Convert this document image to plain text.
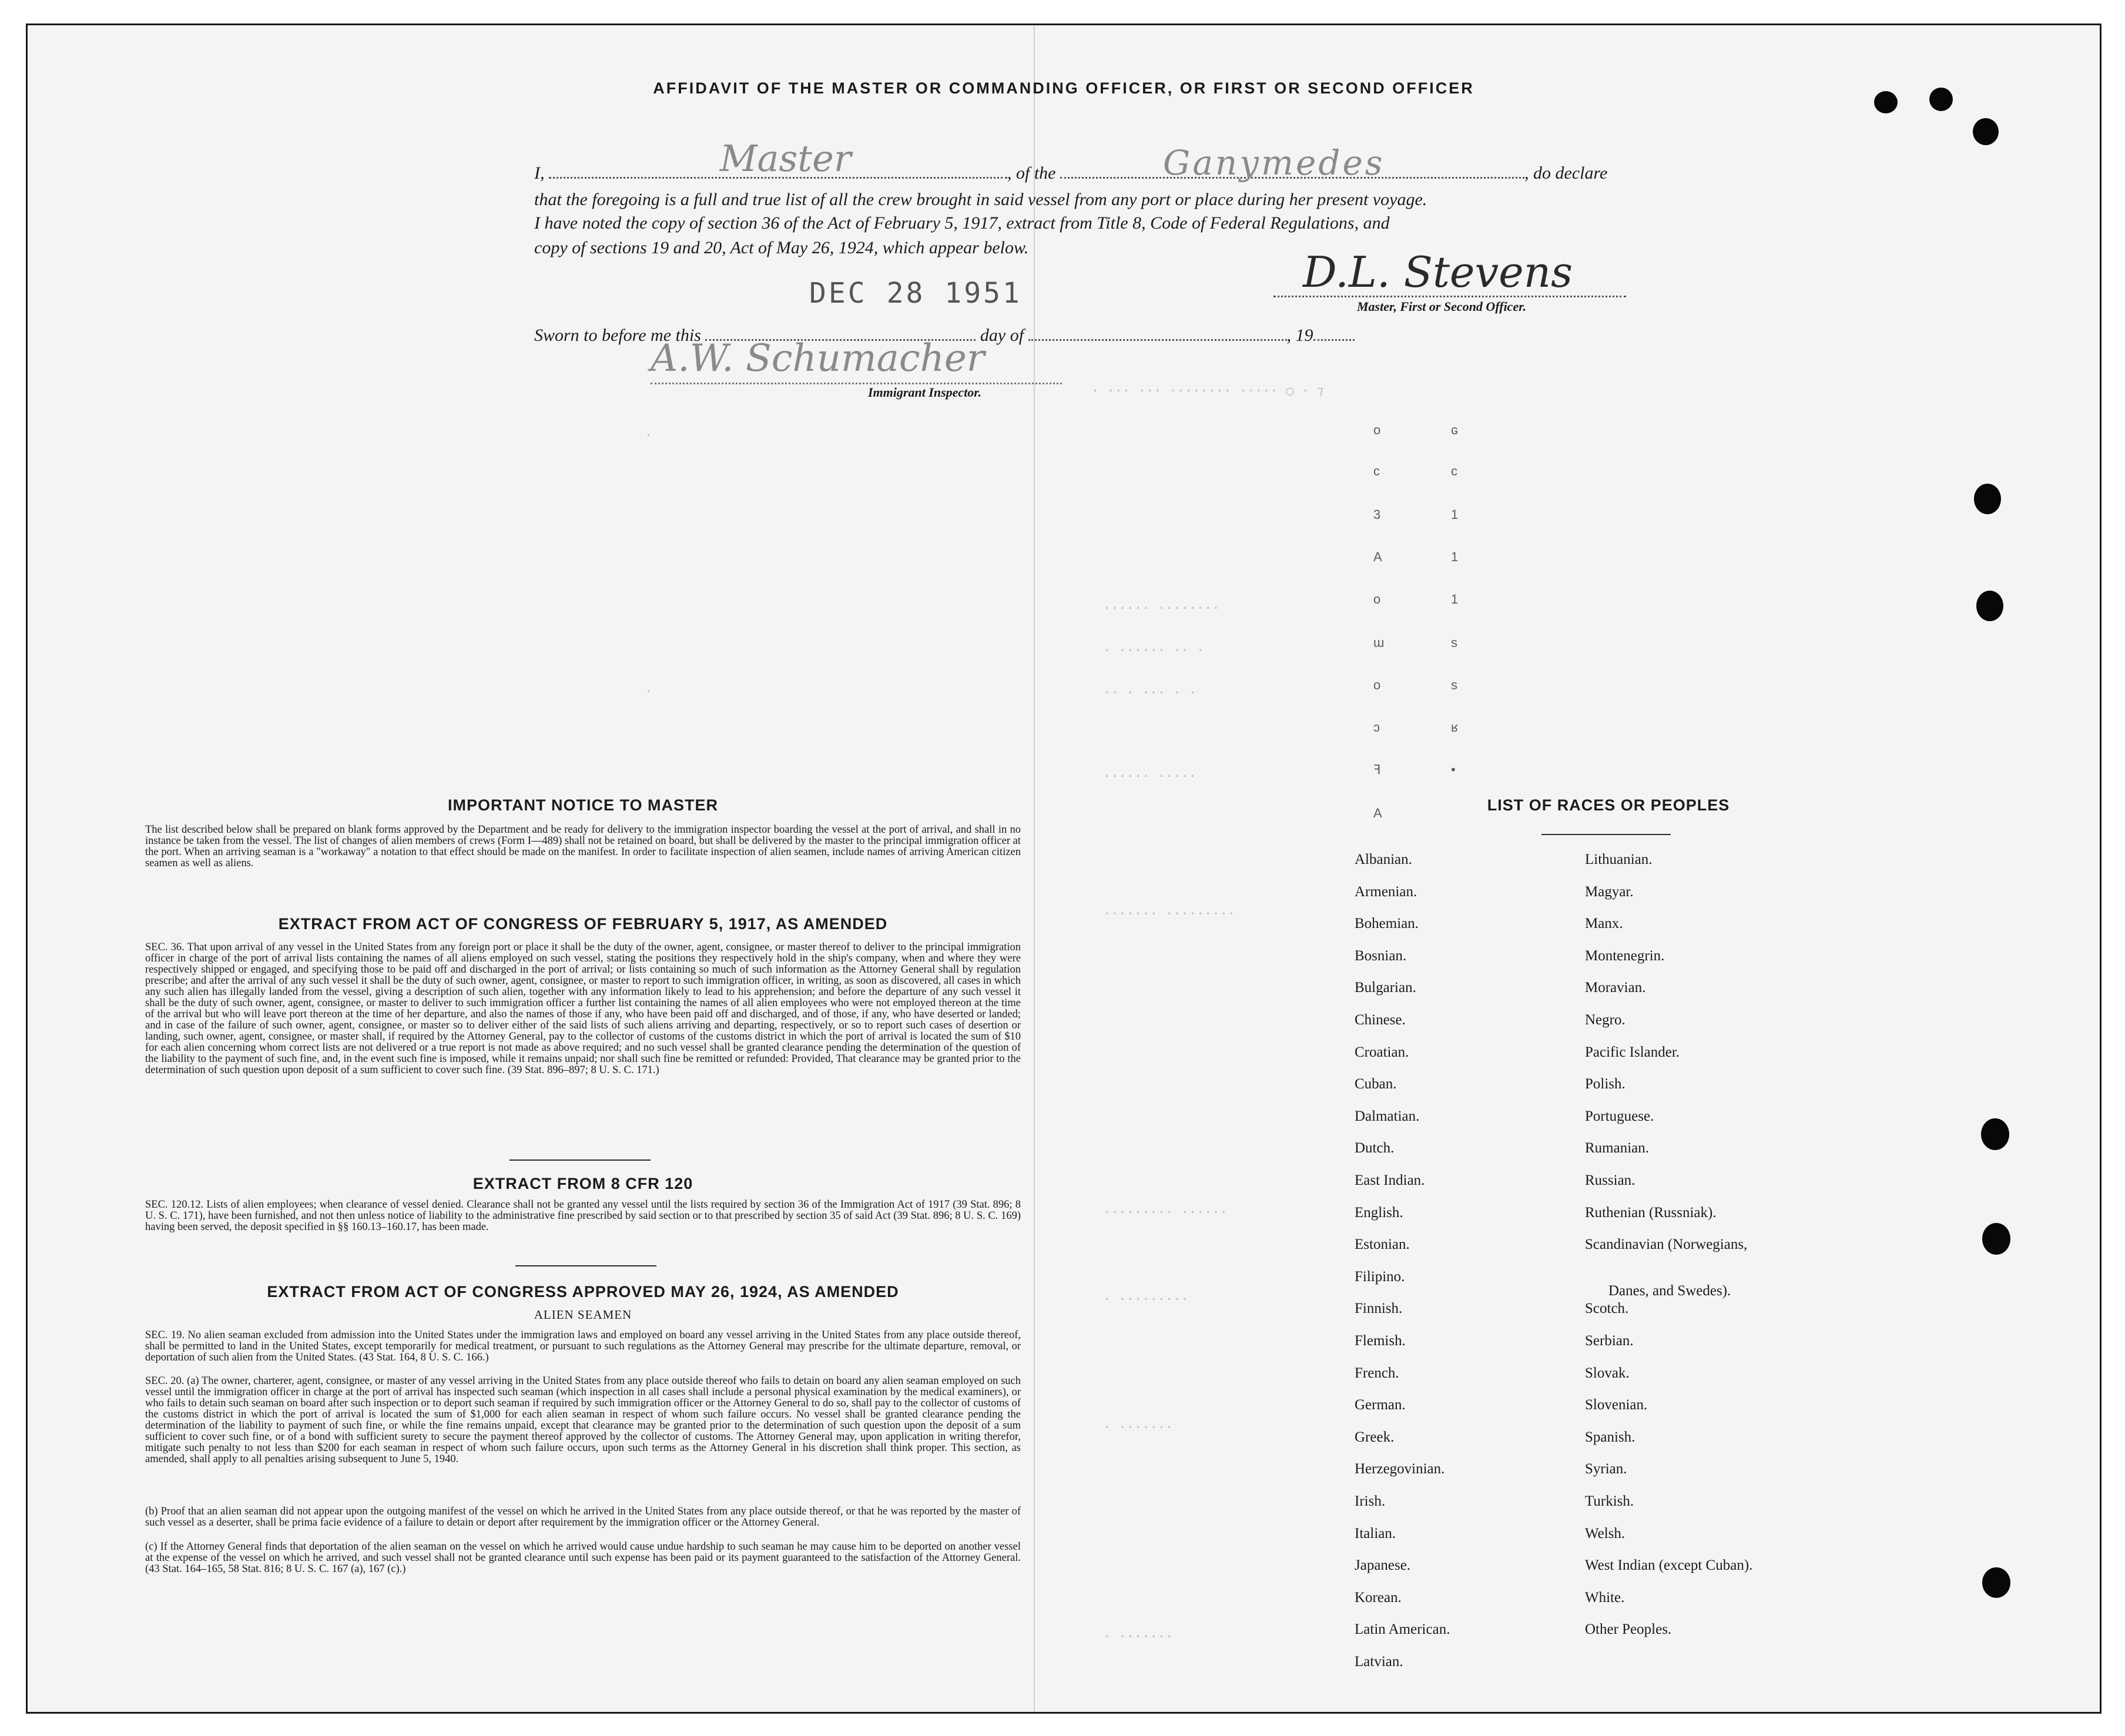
AFFIDAVIT OF THE MASTER OR COMMANDING OFFICER, OR FIRST OR SECOND OFFICER
I,	, of the	, do declare
Master	Ganymedes
that the foregoing is a full and true list of all the crew brought in said vessel from any port or place during her present voyage.
I have noted the copy of section 36 of the Act of February 5, 1917, extract from Title 8, Code of Federal Regulations, and
copy of sections 19 and 20, Act of May 26, 1924, which appear below.	D.L. Stevens
Master, First or Second Officer.
Sworn to before me this	day of	, 19
DEC 28 1951
A.W. Schumacher
Immigrant Inspector.	· ··· ··· ········ ····· ○ · ⁊
o	ɢ
c	c
3	1
A	1
o	1
ɯ	s
o	s
ɔ	ʁ
ꟻ	•
A
·
·
······ ········
· ······ ·· ·
·· · ··· · ·
······ ·····
······· ·········
········· ······
· ·········
· ·······
· ·······
IMPORTANT NOTICE TO MASTER
The list described below shall be prepared on blank forms approved by the Department and be ready for delivery to the immigration inspector boarding the vessel at the port of arrival, and shall in no instance be taken from the vessel. The list of changes of alien members of crews (Form I—489) shall not be retained on board, but shall be delivered by the master to the principal immigration officer at the port. When an arriving seaman is a "workaway" a notation to that effect should be made on the manifest. In order to facilitate inspection of alien seamen, include names of arriving American citizen seamen as well as aliens.
EXTRACT FROM ACT OF CONGRESS OF FEBRUARY 5, 1917, AS AMENDED
SEC. 36. That upon arrival of any vessel in the United States from any foreign port or place it shall be the duty of the owner, agent, consignee, or master thereof to deliver to the principal immigration officer in charge of the port of arrival lists containing the names of all aliens employed on such vessel, stating the positions they respectively hold in the ship's company, when and where they were respectively shipped or engaged, and specifying those to be paid off and discharged in the port of arrival; or lists containing so much of such information as the Attorney General shall by regulation prescribe; and after the arrival of any such vessel it shall be the duty of such owner, agent, consignee, or master to report to such immigration officer, in writing, as soon as discovered, all cases in which any such alien has illegally landed from the vessel, giving a description of such alien, together with any information likely to lead to his apprehension; and before the departure of any such vessel it shall be the duty of such owner, agent, consignee, or master to deliver to such immigration officer a further list containing the names of all alien employees who were not employed thereon at the time of the arrival but who will leave port thereon at the time of her departure, and also the names of those if any, who have been paid off and discharged, and of those, if any, who have deserted or landed; and in case of the failure of such owner, agent, consignee, or master so to deliver either of the said lists of such aliens arriving and departing, respectively, or so to report such cases of desertion or landing, such owner, agent, consignee, or master shall, if required by the Attorney General, pay to the collector of customs of the customs district in which the port of arrival is located the sum of $10 for each alien concerning whom correct lists are not delivered or a true report is not made as above required; and no such vessel shall be granted clearance pending the determination of the question of the liability to the payment of such fine, and, in the event such fine is imposed, while it remains unpaid; nor shall such fine be remitted or refunded: Provided, That clearance may be granted prior to the determination of such question upon deposit of a sum sufficient to cover such fine. (39 Stat. 896–897; 8 U. S. C. 171.)
EXTRACT FROM 8 CFR 120
SEC. 120.12. Lists of alien employees; when clearance of vessel denied. Clearance shall not be granted any vessel until the lists required by section 36 of the Immigration Act of 1917 (39 Stat. 896; 8 U. S. C. 171), have been furnished, and not then unless notice of liability to the administrative fine prescribed by said section or to that prescribed by section 35 of said Act (39 Stat. 896; 8 U. S. C. 169) having been served, the deposit specified in §§ 160.13–160.17, has been made.
EXTRACT FROM ACT OF CONGRESS APPROVED MAY 26, 1924, AS AMENDED
ALIEN SEAMEN
SEC. 19. No alien seaman excluded from admission into the United States under the immigration laws and employed on board any vessel arriving in the United States from any place outside thereof, shall be permitted to land in the United States, except temporarily for medical treatment, or pursuant to such regulations as the Attorney General may prescribe for the ultimate departure, removal, or deportation of such alien from the United States. (43 Stat. 164, 8 U. S. C. 166.)
SEC. 20. (a) The owner, charterer, agent, consignee, or master of any vessel arriving in the United States from any place outside thereof who fails to detain on board any alien seaman employed on such vessel until the immigration officer in charge at the port of arrival has inspected such seaman (which inspection in all cases shall include a personal physical examination by the medical examiners), or who fails to detain such seaman on board after such inspection or to deport such seaman if required by such immigration officer or the Attorney General to do so, shall pay to the collector of customs of the customs district in which the port of arrival is located the sum of $1,000 for each alien seaman in respect of whom such failure occurs. No vessel shall be granted clearance pending the determination of the liability to payment of such fine, or while the fine remains unpaid, except that clearance may be granted prior to the determination of such question upon the deposit of a sum sufficient to cover such fine, or of a bond with sufficient surety to secure the payment thereof approved by the collector of customs. The Attorney General may, upon application in writing therefor, mitigate such penalty to not less than $200 for each seaman in respect of whom such failure occurs, upon such terms as the Attorney General in his discretion shall think proper. This section, as amended, shall apply to all penalties arising subsequent to June 5, 1940.
(b) Proof that an alien seaman did not appear upon the outgoing manifest of the vessel on which he arrived in the United States from any place outside thereof, or that he was reported by the master of such vessel as a deserter, shall be prima facie evidence of a failure to detain or deport after requirement by the immigration officer or the Attorney General.
(c) If the Attorney General finds that deportation of the alien seaman on the vessel on which he arrived would cause undue hardship to such seaman he may cause him to be deported on another vessel at the expense of the vessel on which he arrived, and such vessel shall not be granted clearance until such expense has been paid or its payment guaranteed to the satisfaction of the Attorney General. (43 Stat. 164–165, 58 Stat. 816; 8 U. S. C. 167 (a), 167 (c).)
LIST OF RACES OR PEOPLES
Albanian.
Armenian.
Bohemian.
Bosnian.
Bulgarian.
Chinese.
Croatian.
Cuban.
Dalmatian.
Dutch.
East Indian.
English.
Estonian.
Filipino.
Finnish.
Flemish.
French.
German.
Greek.
Herzegovinian.
Irish.
Italian.
Japanese.
Korean.
Latin American.
Latvian.
Lithuanian.
Magyar.
Manx.
Montenegrin.
Moravian.
Negro.
Pacific Islander.
Polish.
Portuguese.
Rumanian.
Russian.
Ruthenian (Russniak).
Scandinavian (Norwegians,
Danes, and Swedes).
Scotch.
Serbian.
Slovak.
Slovenian.
Spanish.
Syrian.
Turkish.
Welsh.
West Indian (except Cuban).
White.
Other Peoples.
